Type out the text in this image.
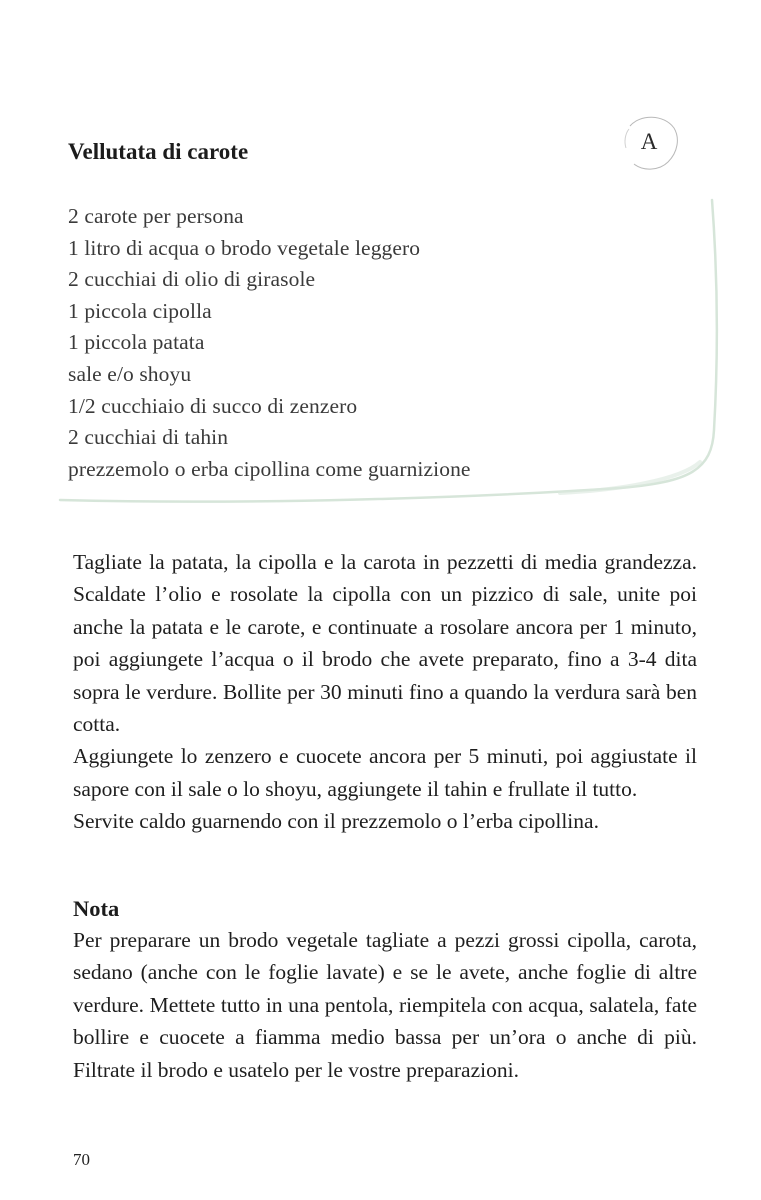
Vellutata di carote	A
2 carote per persona
1 litro di acqua o brodo vegetale leggero
2 cucchiai di olio di girasole
1 piccola cipolla
1 piccola patata
sale e/o shoyu
1/2 cucchiaio di succo di zenzero
2 cucchiai di tahin
prezzemolo o erba cipollina come guarnizione

Tagliate la patata, la cipolla e la carota in pezzetti di media grandezza. Scaldate l’olio e rosolate la cipolla con un pizzico di sale, unite poi anche la patata e le carote, e continuate a rosolare ancora per 1 minuto, poi aggiungete l’acqua o il brodo che avete preparato, fino a 3-4 dita sopra le verdure. Bollite per 30 minuti fino a quando la verdura sarà ben cotta.

Aggiungete lo zenzero e cuocete ancora per 5 minuti, poi aggiustate il sapore con il sale o lo shoyu, aggiungete il tahin e frullate il tutto.

Servite caldo guarnendo con il prezzemolo o l’erba cipollina.

Nota

Per preparare un brodo vegetale tagliate a pezzi grossi cipolla, carota, sedano (anche con le foglie lavate) e se le avete, anche foglie di altre verdure. Mettete tutto in una pentola, riempitela con acqua, salatela, fate bollire e cuocete a fiamma medio bassa per un’ora o anche di più. Filtrate il brodo e usatelo per le vostre preparazioni.

70
